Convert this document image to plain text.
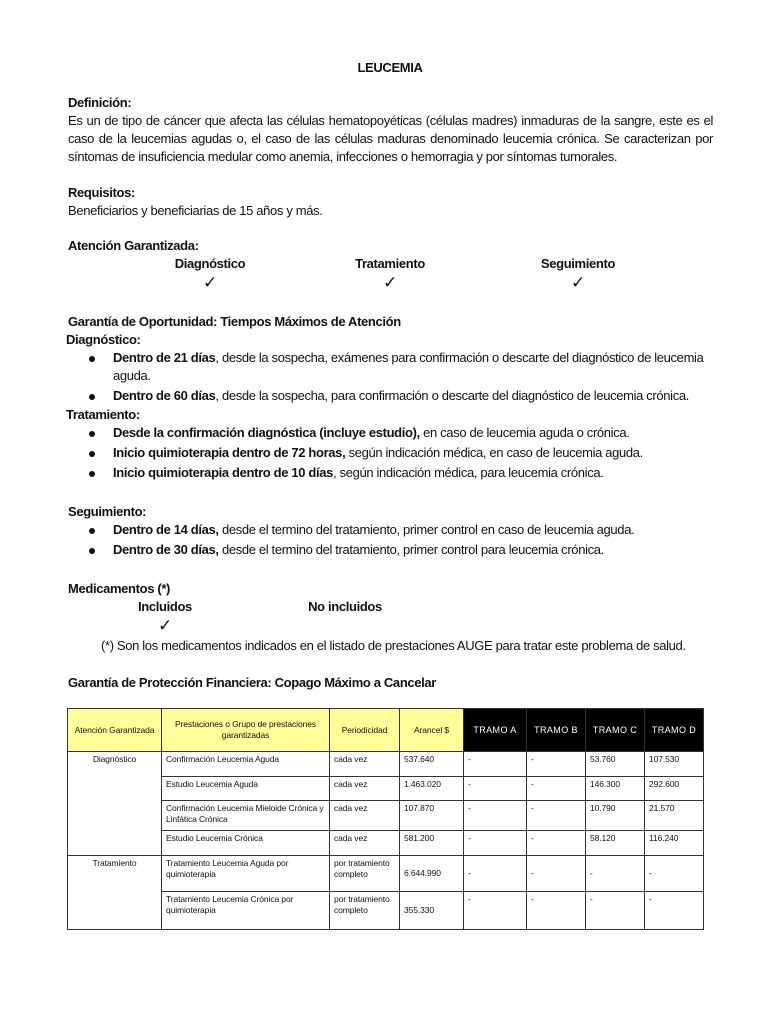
LEUCEMIA
Definición:
Es un de tipo de cáncer que afecta las células hematopoyéticas (células madres) inmaduras de la sangre, este es el caso de la leucemias agudas o, el caso de las células maduras denominado leucemia crónica. Se caracterizan por síntomas de insuficiencia medular como anemia, infecciones o hemorragia y por síntomas tumorales.
Requisitos:
Beneficiarios y beneficiarias de 15 años y más.
Atención Garantizada:
Diagnóstico
✓
Tratamiento
✓
Seguimiento
✓
Garantía de Oportunidad: Tiempos Máximos de Atención
Diagnóstico:
Dentro de 21 días, desde la sospecha, exámenes para confirmación o descarte del diagnóstico de leucemia aguda.
Dentro de 60 días, desde la sospecha, para confirmación o descarte del diagnóstico de leucemia crónica.
Tratamiento:
Desde la confirmación diagnóstica (incluye estudio), en caso de leucemia aguda o crónica.
Inicio quimioterapia dentro de 72 horas, según indicación médica, en caso de leucemia aguda.
Inicio quimioterapia dentro de 10 días, según indicación médica, para leucemia crónica.
Seguimiento:
Dentro de 14 días, desde el termino del tratamiento, primer control en caso de leucemia aguda.
Dentro de 30 días, desde el termino del tratamiento, primer control para leucemia crónica.
Medicamentos (*)
Incluidos
✓
No incluidos
(*) Son los medicamentos indicados en el listado de prestaciones AUGE para tratar este problema de salud.
Garantía de Protección Financiera: Copago Máximo a Cancelar
Atención Garantizada	Prestaciones o Grupo de prestaciones garantizadas	Periodicidad	Arancel $	TRAMO A	TRAMO B	TRAMO C	TRAMO D
Diagnóstico	Confirmación Leucemia Aguda	cada vez	537.640	-	-	53.760	107.530
	Estudio Leucemia Aguda	cada vez	1.463.020	-	-	146.300	292.600
	Confirmación Leucemia Mieloide Crónica y Linfática Crónica	cada vez	107.870	-	-	10.790	21.570
	Estudio Leucemia Crónica	cada vez	581.200	-	-	58.120	116.240
Tratamiento	Tratamiento Leucemia Aguda por quimioterapia	por tratamiento completo	6.644.990	-	-	-	-
	Tratamiento Leucemia Crónica por quimioterapia	por tratamiento completo	355.330	-	-	-	-
